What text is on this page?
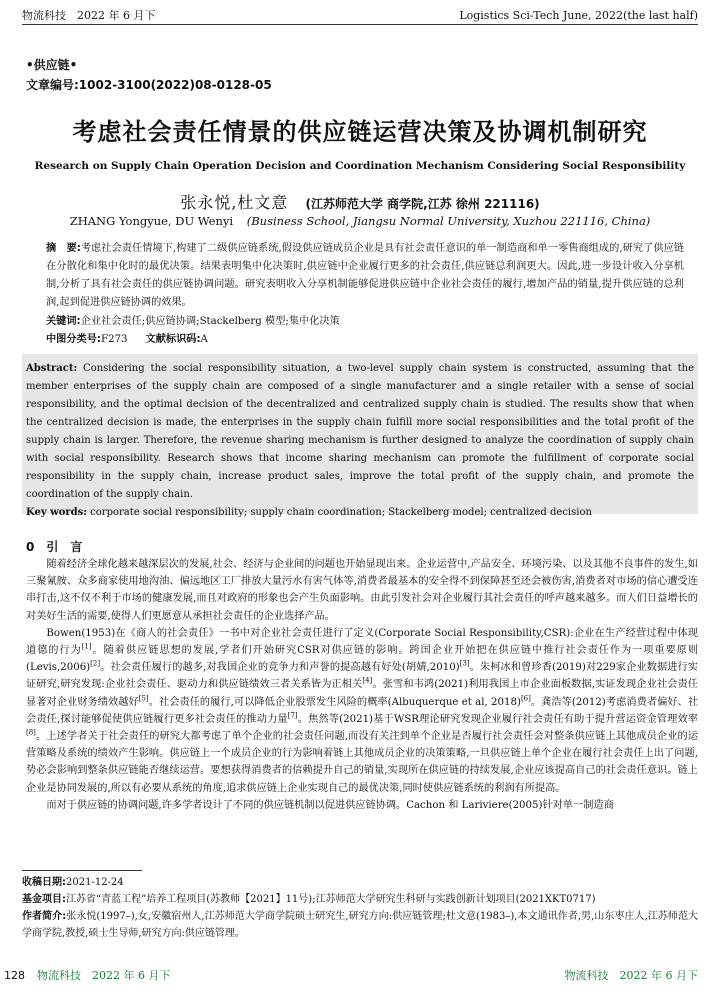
物流科技　2022 年 6 月下	Logistics Sci-Tech June, 2022(the last half)
•供应链•
文章编号:1002-3100(2022)08-0128-05
考虑社会责任情景的供应链运营决策及协调机制研究
Research on Supply Chain Operation Decision and Coordination Mechanism Considering Social Responsibility
张永悦,杜文意 (江苏师范大学 商学院,江苏 徐州 221116)
ZHANG Yongyue, DU Wenyi (Business School, Jiangsu Normal University, Xuzhou 221116, China)
摘　要:考虑社会责任情境下,构建了二级供应链系统,假设供应链成员企业是具有社会责任意识的单一制造商和单一零售商组成的,研究了供应链在分散化和集中化时的最优决策。结果表明集中化决策时,供应链中企业履行更多的社会责任,供应链总利润更大。因此,进一步设计收入分享机制,分析了具有社会责任的供应链协调问题。研究表明收入分享机制能够促进供应链中企业社会责任的履行,增加产品的销量,提升供应链的总利润,起到促进供应链协调的效果。
关键词:企业社会责任;供应链协调;Stackelberg 模型;集中化决策
中图分类号:F273 文献标识码:A
Abstract: Considering the social responsibility situation, a two-level supply chain system is constructed, assuming that the member enterprises of the supply chain are composed of a single manufacturer and a single retailer with a sense of social responsibility, and the optimal decision of the decentralized and centralized supply chain is studied. The results show that when the centralized decision is made, the enterprises in the supply chain fulfill more social responsibilities and the total profit of the supply chain is larger. Therefore, the revenue sharing mechanism is further designed to analyze the coordination of supply chain with social responsibility. Research shows that income sharing mechanism can promote the fulfillment of corporate social responsibility in the supply chain, increase product sales, improve the total profit of the supply chain, and promote the coordination of the supply chain.
Key words: corporate social responsibility; supply chain coordination; Stackelberg model; centralized decision
0 引　言

随着经济全球化越来越深层次的发展,社会、经济与企业间的问题也开始显现出来。企业运营中,产品安全、环境污染、以及其他不良事件的发生,如三聚氰胺、众多商家使用地沟油、偏远地区工厂排放大量污水有害气体等,消费者最基本的安全得不到保障甚至还会被伤害,消费者对市场的信心遭受连串打击,这不仅不利于市场的健康发展,而且对政府的形象也会产生负面影响。由此引发社会对企业履行其社会责任的呼声越来越多。而人们日益增长的对美好生活的需要,使得人们更愿意从承担社会责任的企业选择产品。

Bowen(1953)在《商人的社会责任》一书中对企业社会责任进行了定义(Corporate Social Responsibility,CSR):企业在生产经营过程中体现道德的行为[1]。随着供应链思想的发展,学者们开始研究CSR对供应链的影响。跨国企业开始把在供应链中推行社会责任作为一项重要原则(Levis,2006)[2]。社会责任履行的越多,对我国企业的竞争力和声誉的提高越有好处(胡婧,2010)[3]。朱柯冰和曾珍香(2019)对229家企业数据进行实证研究,研究发现:企业社会责任、驱动力和供应链绩效三者关系皆为正相关[4]。张雪和韦鸿(2021)利用我国上市企业面板数据,实证发现企业社会责任显著对企业财务绩效越好[5]。社会责任的履行,可以降低企业股票发生风险的概率(Albuquerque et al, 2018)[6]。龚浩等(2012)考虑消费者偏好、社会责任,探讨能够促使供应链履行更多社会责任的推动力量[7]。焦然等(2021)基于WSR理论研究发现企业履行社会责任有助于提升营运资金管理效率[8]。上述学者关于社会责任的研究大都考虑了单个企业的社会责任问题,而没有关注到单个企业是否履行社会责任会对整条供应链上其他成员企业的运营策略及系统的绩效产生影响。供应链上一个成员企业的行为影响着链上其他成员企业的决策策略,一旦供应链上单个企业在履行社会责任上出了问题,势必会影响到整条供应链能否继续运营。要想获得消费者的信赖提升自己的销量,实现所在供应链的持续发展,企业应该提高自己的社会责任意识。链上企业是协同发展的,所以有必要从系统的角度,追求供应链上企业实现自己的最优决策,同时使供应链系统的利润有所提高。

而对于供应链的协调问题,许多学者设计了不同的供应链机制以促进供应链协调。Cachon 和 Lariviere(2005)针对单一制造商

收稿日期:2021-12-24
基金项目:江苏省“青蓝工程”培养工程项目(苏教师【2021】11号);江苏师范大学研究生科研与实践创新计划项目(2021XKT0717)
作者简介:张永悦(1997–),女,安徽宿州人,江苏师范大学商学院硕士研究生,研究方向:供应链管理;杜文意(1983–),本文通讯作者,男,山东枣庄人,江苏师范大学商学院,教授,硕士生导师,研究方向:供应链管理。
128 物流科技　2022 年 6 月下	物流科技　2022 年 6 月下
